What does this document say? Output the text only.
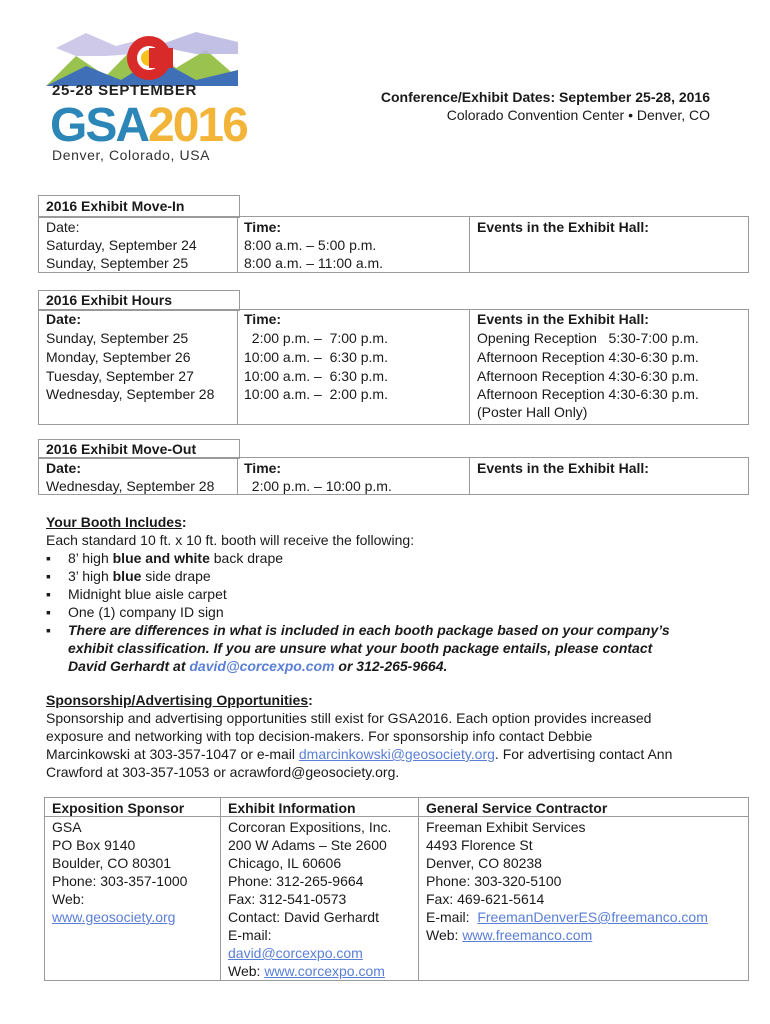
25-28 SEPTEMBER
GSA2016
Denver, Colorado, USA
Conference/Exhibit Dates: September 25-28, 2016
Colorado Convention Center • Denver, CO
2016 Exhibit Move-In
Date:	Time:	Events in the Exhibit Hall:
Saturday, September 24	8:00 a.m. – 5:00 p.m.
Sunday, September 25	8:00 a.m. – 11:00 a.m.
2016 Exhibit Hours
Date:	Time:	Events in the Exhibit Hall:
Sunday, September 25	2:00 p.m. –  7:00 p.m.	Opening Reception   5:30-7:00 p.m.
Monday, September 26	10:00 a.m. –  6:30 p.m.	Afternoon Reception 4:30-6:30 p.m.
Tuesday, September 27	10:00 a.m. –  6:30 p.m.	Afternoon Reception 4:30-6:30 p.m.
Wednesday, September 28 10:00 a.m. –  2:00 p.m.	Afternoon Reception 4:30-6:30 p.m.
(Poster Hall Only)
2016 Exhibit Move-Out
Date:	Time:	Events in the Exhibit Hall:
Wednesday, September 28 2:00 p.m. – 10:00 p.m.
Your Booth Includes:
Each standard 10 ft. x 10 ft. booth will receive the following:
▪
8’ high blue and white back drape
▪
3’ high blue side drape
▪
Midnight blue aisle carpet
▪
One (1) company ID sign
▪
There are differences in what is included in each booth package based on your company’s
exhibit classification. If you are unsure what your booth package entails, please contact
David Gerhardt at david@corcexpo.com or 312-265-9664.
Sponsorship/Advertising Opportunities:
Sponsorship and advertising opportunities still exist for GSA2016. Each option provides increased
exposure and networking with top decision-makers. For sponsorship info contact Debbie
Marcinkowski at 303-357-1047 or e-mail dmarcinkowski@geosociety.org. For advertising contact Ann
Crawford at 303-357-1053 or acrawford@geosociety.org.
Exposition Sponsor
GSA
PO Box 9140
Boulder, CO 80301
Phone: 303-357-1000
Web:
www.geosociety.org
Exhibit Information
Corcoran Expositions, Inc.
200 W Adams – Ste 2600
Chicago, IL 60606
Phone: 312-265-9664
Fax: 312-541-0573
Contact: David Gerhardt
E-mail:
david@corcexpo.com
Web: www.corcexpo.com
General Service Contractor
Freeman Exhibit Services
4493 Florence St
Denver, CO 80238
Phone: 303-320-5100
Fax: 469-621-5614
E-mail:  FreemanDenverES@freemanco.com
Web: www.freemanco.com
